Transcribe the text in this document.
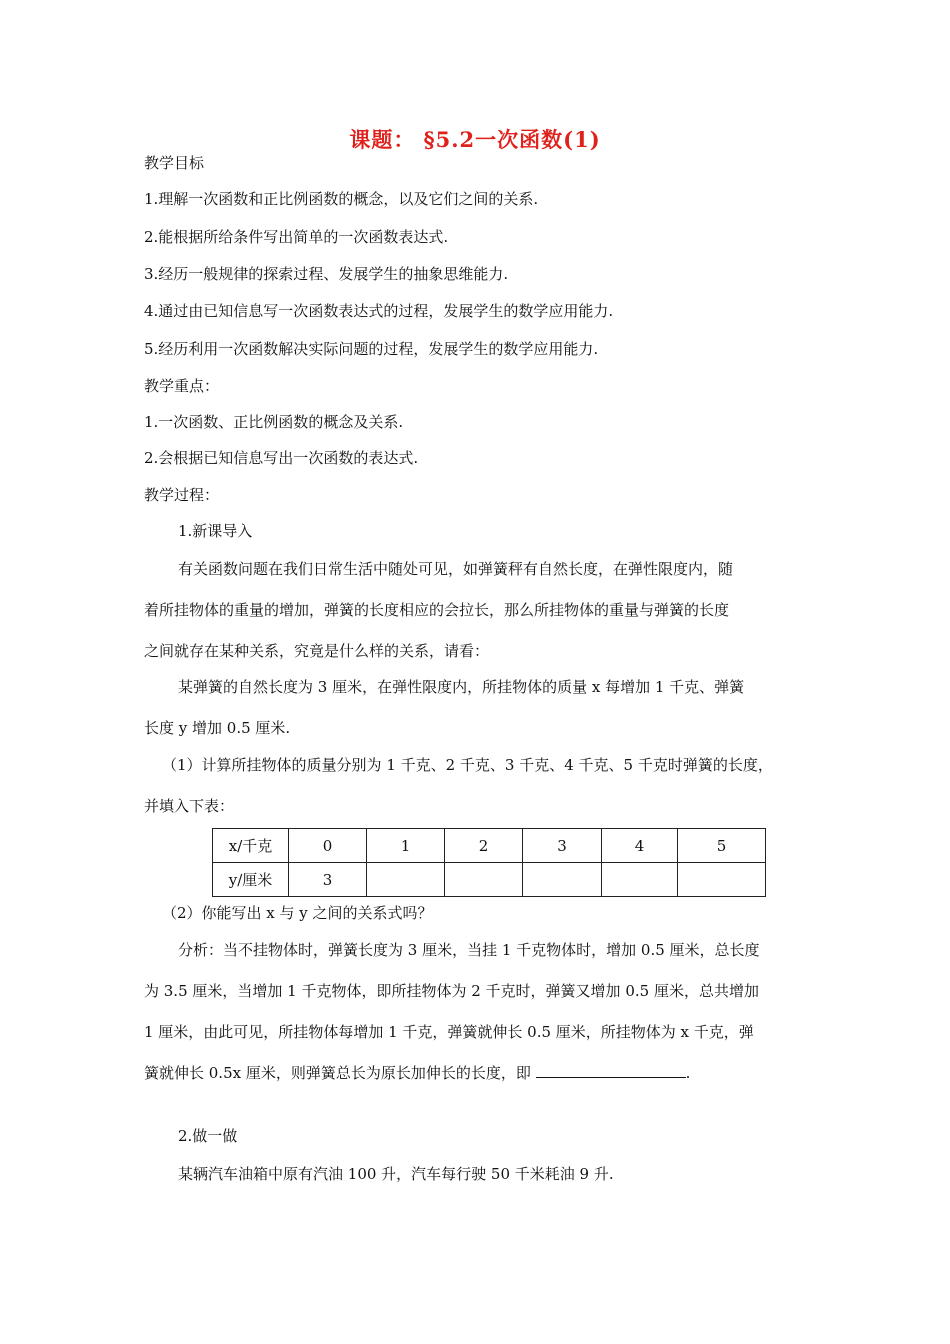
课题： §5.2一次函数(1)
教学目标
1.理解一次函数和正比例函数的概念，以及它们之间的关系.
2.能根据所给条件写出简单的一次函数表达式.
3.经历一般规律的探索过程、发展学生的抽象思维能力.
4.通过由已知信息写一次函数表达式的过程，发展学生的数学应用能力.
5.经历利用一次函数解决实际问题的过程，发展学生的数学应用能力.
教学重点：
1.一次函数、正比例函数的概念及关系.
2.会根据已知信息写出一次函数的表达式.
教学过程：
1.新课导入
有关函数问题在我们日常生活中随处可见，如弹簧秤有自然长度，在弹性限度内，随
着所挂物体的重量的增加，弹簧的长度相应的会拉长，那么所挂物体的重量与弹簧的长度
之间就存在某种关系，究竟是什么样的关系，请看：
某弹簧的自然长度为 3 厘米，在弹性限度内，所挂物体的质量 x 每增加 1 千克、弹簧
长度 y 增加 0.5 厘米.
（1）计算所挂物体的质量分别为 1 千克、2 千克、3 千克、4 千克、5 千克时弹簧的长度，
并填入下表：
x/千克	0	1	2	3	4	5
y/厘米	3					
（2）你能写出 x 与 y 之间的关系式吗？
分析：当不挂物体时，弹簧长度为 3 厘米，当挂 1 千克物体时，增加 0.5 厘米，总长度
为 3.5 厘米，当增加 1 千克物体，即所挂物体为 2 千克时，弹簧又增加 0.5 厘米，总共增加
1 厘米，由此可见，所挂物体每增加 1 千克，弹簧就伸长 0.5 厘米，所挂物体为 x 千克，弹
簧就伸长 0.5x 厘米，则弹簧总长为原长加伸长的长度，即	.
2.做一做
某辆汽车油箱中原有汽油 100 升，汽车每行驶 50 千米耗油 9 升.
